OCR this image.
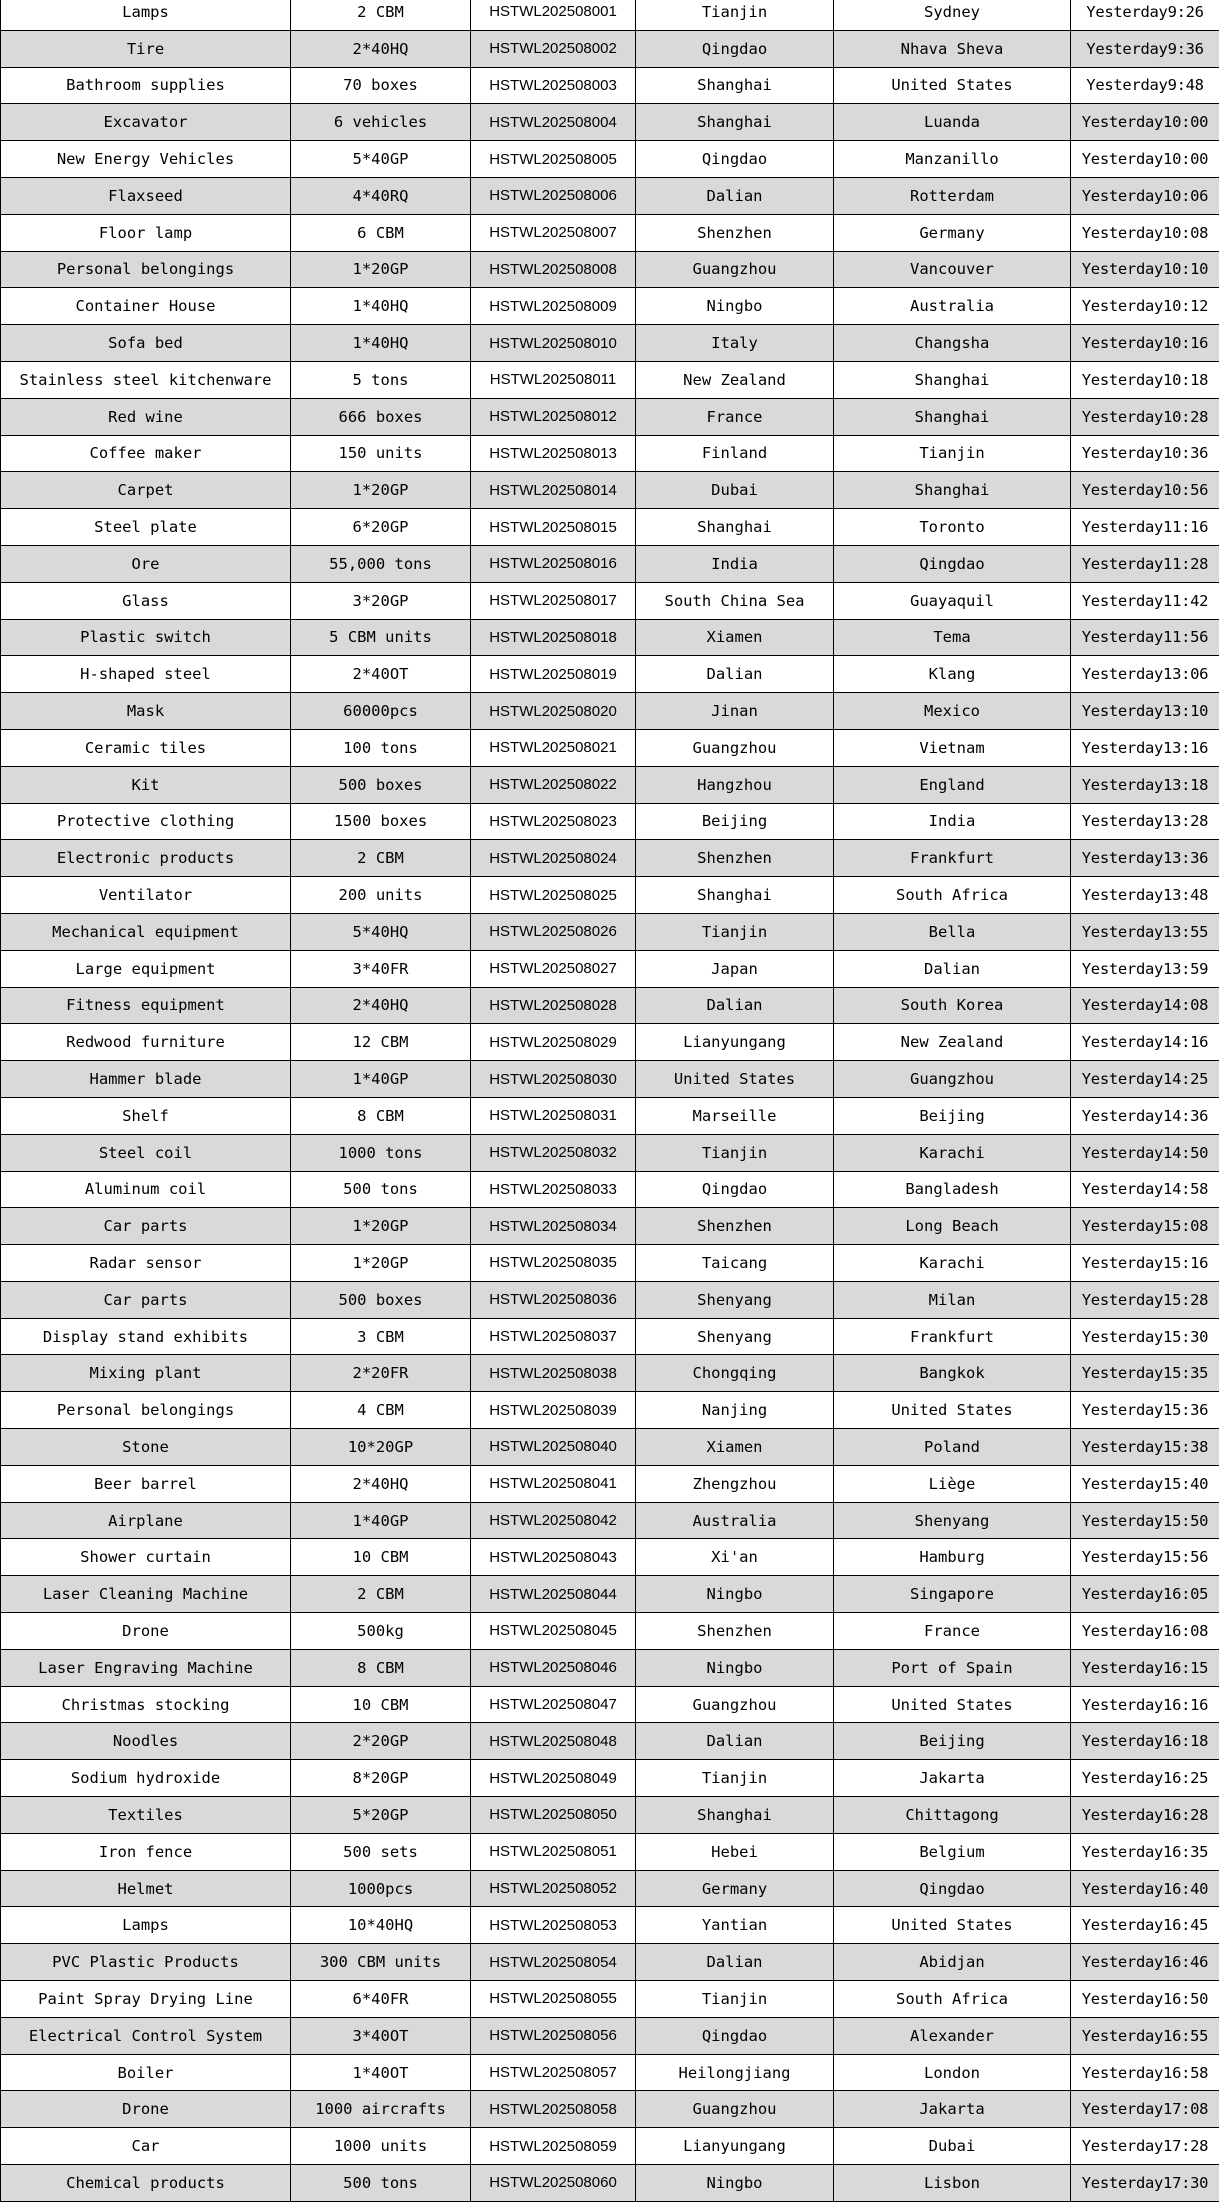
Lamps	2 CBM	HSTWL202508001	Tianjin	Sydney	Yesterday9:26
Tire	2*40HQ	HSTWL202508002	Qingdao	Nhava Sheva	Yesterday9:36
Bathroom supplies	70 boxes	HSTWL202508003	Shanghai	United States	Yesterday9:48
Excavator	6 vehicles	HSTWL202508004	Shanghai	Luanda	Yesterday10:00
New Energy Vehicles	5*40GP	HSTWL202508005	Qingdao	Manzanillo	Yesterday10:00
Flaxseed	4*40RQ	HSTWL202508006	Dalian	Rotterdam	Yesterday10:06
Floor lamp	6 CBM	HSTWL202508007	Shenzhen	Germany	Yesterday10:08
Personal belongings	1*20GP	HSTWL202508008	Guangzhou	Vancouver	Yesterday10:10
Container House	1*40HQ	HSTWL202508009	Ningbo	Australia	Yesterday10:12
Sofa bed	1*40HQ	HSTWL202508010	Italy	Changsha	Yesterday10:16
Stainless steel kitchenware	5 tons	HSTWL202508011	New Zealand	Shanghai	Yesterday10:18
Red wine	666 boxes	HSTWL202508012	France	Shanghai	Yesterday10:28
Coffee maker	150 units	HSTWL202508013	Finland	Tianjin	Yesterday10:36
Carpet	1*20GP	HSTWL202508014	Dubai	Shanghai	Yesterday10:56
Steel plate	6*20GP	HSTWL202508015	Shanghai	Toronto	Yesterday11:16
Ore	55,000 tons	HSTWL202508016	India	Qingdao	Yesterday11:28
Glass	3*20GP	HSTWL202508017	South China Sea	Guayaquil	Yesterday11:42
Plastic switch	5 CBM units	HSTWL202508018	Xiamen	Tema	Yesterday11:56
H-shaped steel	2*40OT	HSTWL202508019	Dalian	Klang	Yesterday13:06
Mask	60000pcs	HSTWL202508020	Jinan	Mexico	Yesterday13:10
Ceramic tiles	100 tons	HSTWL202508021	Guangzhou	Vietnam	Yesterday13:16
Kit	500 boxes	HSTWL202508022	Hangzhou	England	Yesterday13:18
Protective clothing	1500 boxes	HSTWL202508023	Beijing	India	Yesterday13:28
Electronic products	2 CBM	HSTWL202508024	Shenzhen	Frankfurt	Yesterday13:36
Ventilator	200 units	HSTWL202508025	Shanghai	South Africa	Yesterday13:48
Mechanical equipment	5*40HQ	HSTWL202508026	Tianjin	Bella	Yesterday13:55
Large equipment	3*40FR	HSTWL202508027	Japan	Dalian	Yesterday13:59
Fitness equipment	2*40HQ	HSTWL202508028	Dalian	South Korea	Yesterday14:08
Redwood furniture	12 CBM	HSTWL202508029	Lianyungang	New Zealand	Yesterday14:16
Hammer blade	1*40GP	HSTWL202508030	United States	Guangzhou	Yesterday14:25
Shelf	8 CBM	HSTWL202508031	Marseille	Beijing	Yesterday14:36
Steel coil	1000 tons	HSTWL202508032	Tianjin	Karachi	Yesterday14:50
Aluminum coil	500 tons	HSTWL202508033	Qingdao	Bangladesh	Yesterday14:58
Car parts	1*20GP	HSTWL202508034	Shenzhen	Long Beach	Yesterday15:08
Radar sensor	1*20GP	HSTWL202508035	Taicang	Karachi	Yesterday15:16
Car parts	500 boxes	HSTWL202508036	Shenyang	Milan	Yesterday15:28
Display stand exhibits	3 CBM	HSTWL202508037	Shenyang	Frankfurt	Yesterday15:30
Mixing plant	2*20FR	HSTWL202508038	Chongqing	Bangkok	Yesterday15:35
Personal belongings	4 CBM	HSTWL202508039	Nanjing	United States	Yesterday15:36
Stone	10*20GP	HSTWL202508040	Xiamen	Poland	Yesterday15:38
Beer barrel	2*40HQ	HSTWL202508041	Zhengzhou	Liège	Yesterday15:40
Airplane	1*40GP	HSTWL202508042	Australia	Shenyang	Yesterday15:50
Shower curtain	10 CBM	HSTWL202508043	Xi'an	Hamburg	Yesterday15:56
Laser Cleaning Machine	2 CBM	HSTWL202508044	Ningbo	Singapore	Yesterday16:05
Drone	500kg	HSTWL202508045	Shenzhen	France	Yesterday16:08
Laser Engraving Machine	8 CBM	HSTWL202508046	Ningbo	Port of Spain	Yesterday16:15
Christmas stocking	10 CBM	HSTWL202508047	Guangzhou	United States	Yesterday16:16
Noodles	2*20GP	HSTWL202508048	Dalian	Beijing	Yesterday16:18
Sodium hydroxide	8*20GP	HSTWL202508049	Tianjin	Jakarta	Yesterday16:25
Textiles	5*20GP	HSTWL202508050	Shanghai	Chittagong	Yesterday16:28
Iron fence	500 sets	HSTWL202508051	Hebei	Belgium	Yesterday16:35
Helmet	1000pcs	HSTWL202508052	Germany	Qingdao	Yesterday16:40
Lamps	10*40HQ	HSTWL202508053	Yantian	United States	Yesterday16:45
PVC Plastic Products	300 CBM units	HSTWL202508054	Dalian	Abidjan	Yesterday16:46
Paint Spray Drying Line	6*40FR	HSTWL202508055	Tianjin	South Africa	Yesterday16:50
Electrical Control System	3*40OT	HSTWL202508056	Qingdao	Alexander	Yesterday16:55
Boiler	1*40OT	HSTWL202508057	Heilongjiang	London	Yesterday16:58
Drone	1000 aircrafts	HSTWL202508058	Guangzhou	Jakarta	Yesterday17:08
Car	1000 units	HSTWL202508059	Lianyungang	Dubai	Yesterday17:28
Chemical products	500 tons	HSTWL202508060	Ningbo	Lisbon	Yesterday17:30
